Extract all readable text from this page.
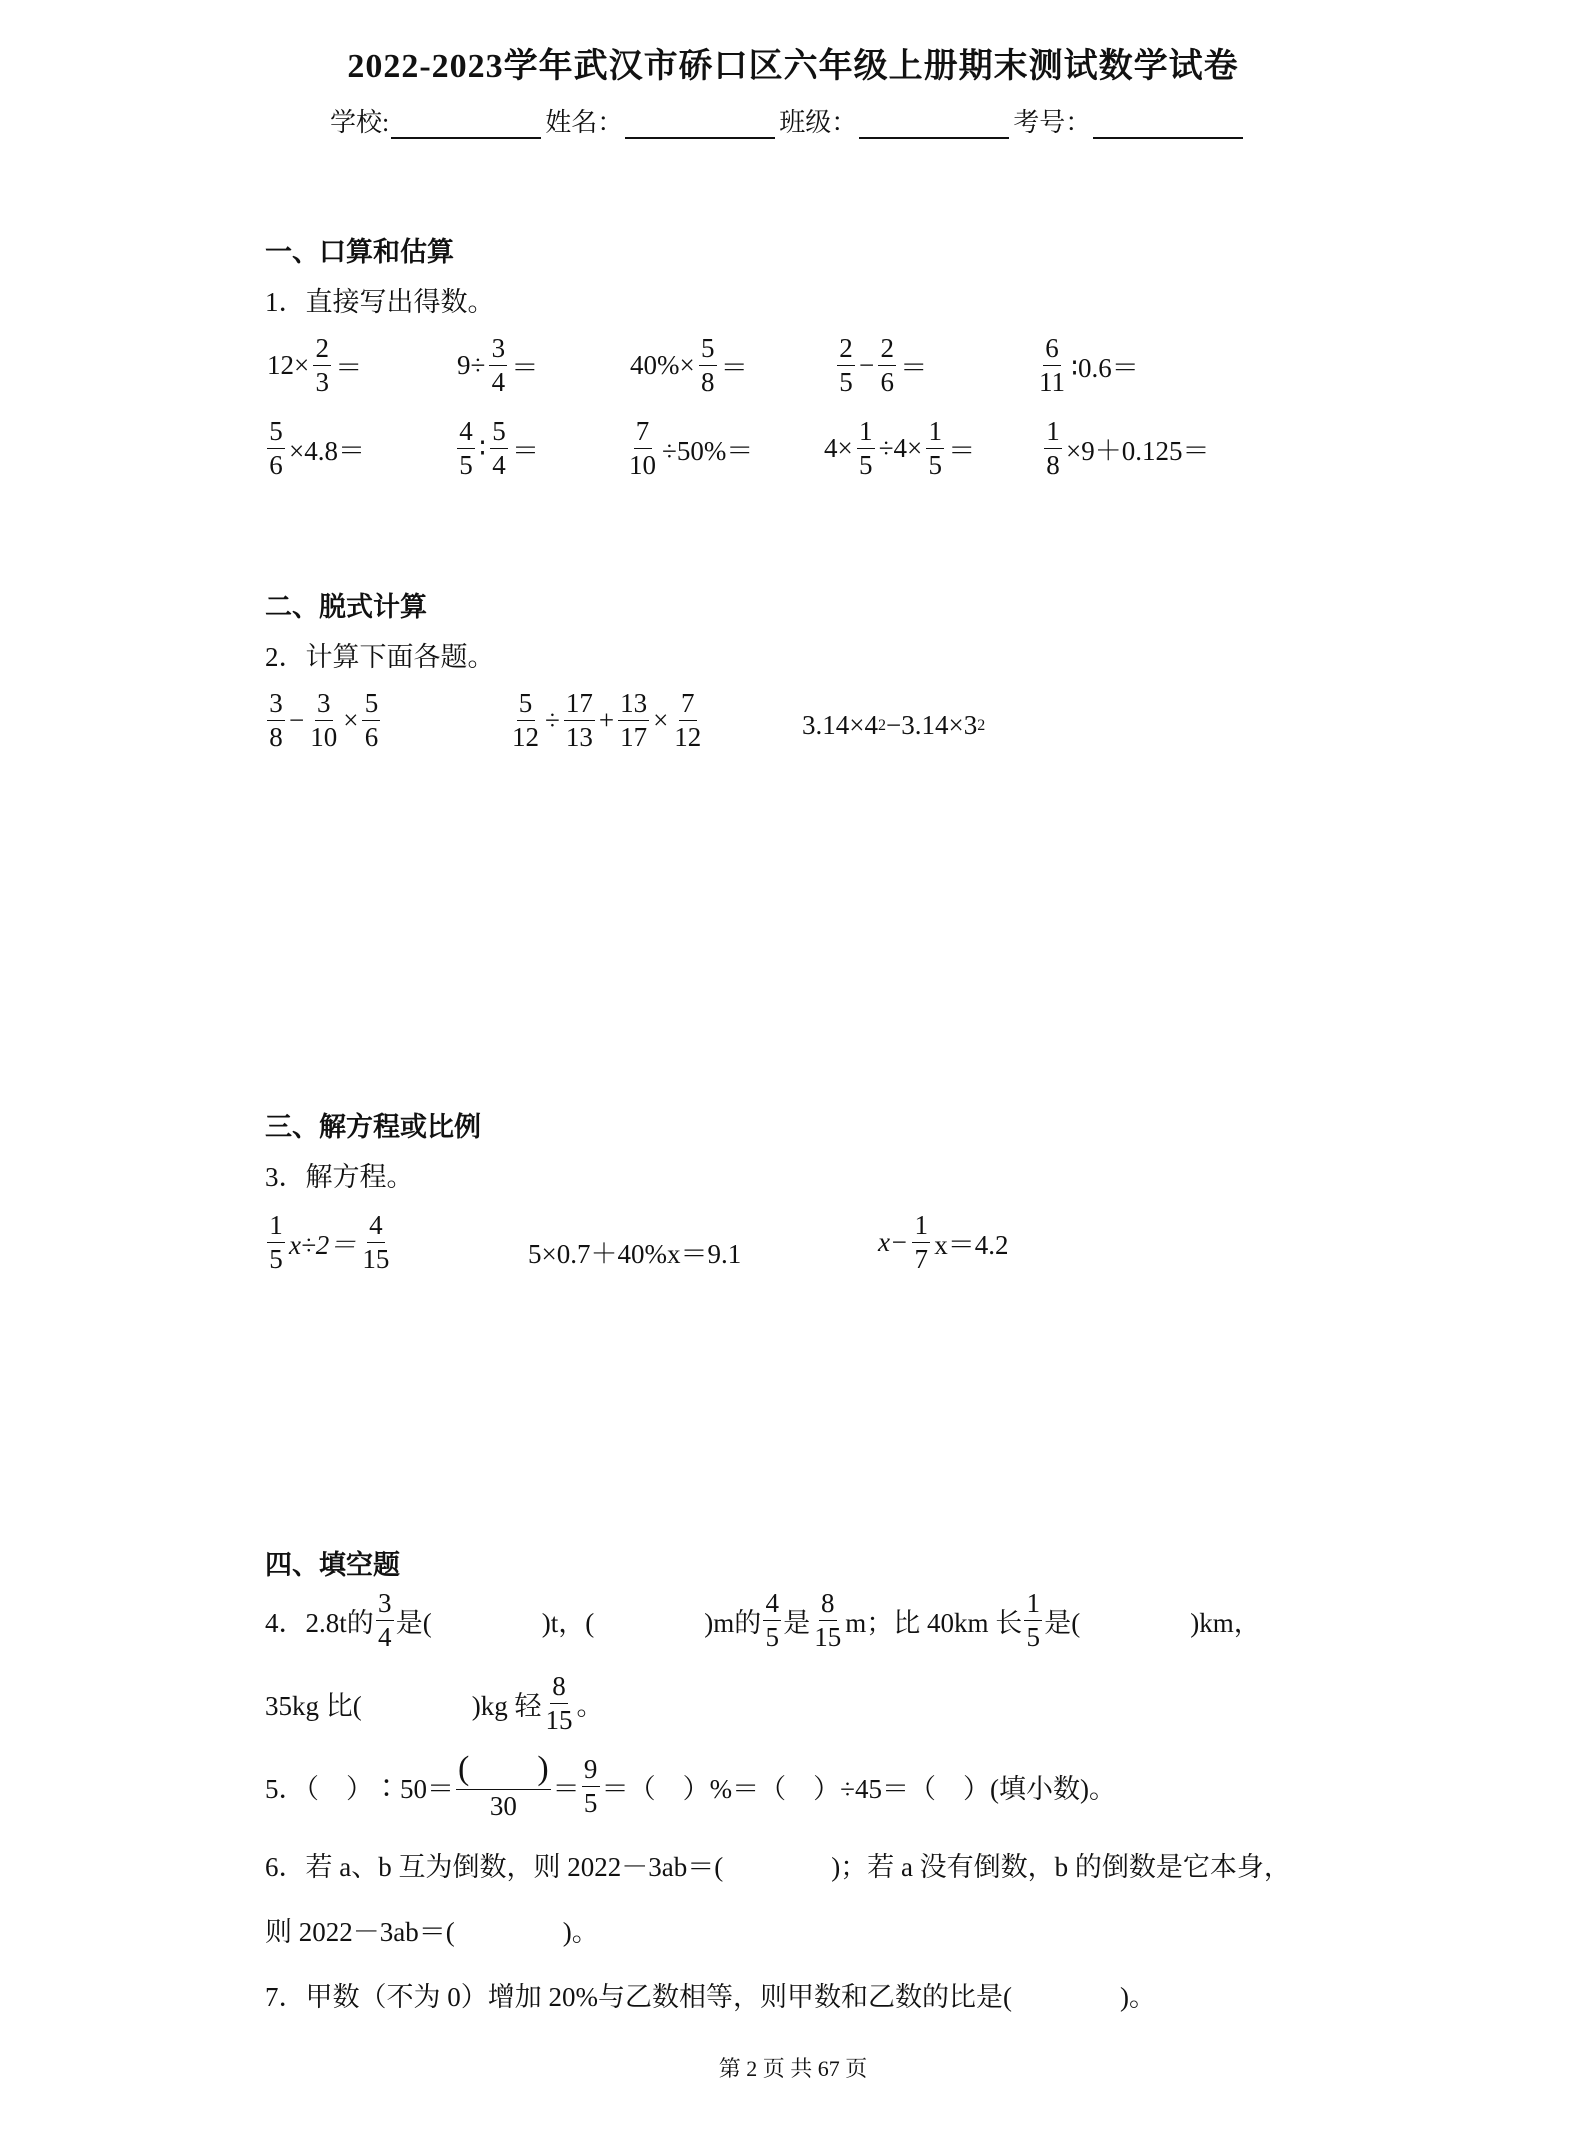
2022-2023学年武汉市硚口区六年级上册期末测试数学试卷
学校:	姓名：	班级：	考号：
一、口算和估算
1．直接写出得数。
$12\times \frac{2}{3}$ ＝	$9\div \frac{3}{4}$ ＝	$40\%\times \frac{5}{8}$ ＝	$\frac{2}{5} - \frac{2}{6}$ ＝	$\frac{6}{11}$ ∶0.6＝
$\frac{5}{6} \times 4.8=$	$\frac{4}{5}$ ∶ $\frac{5}{4}$ ＝	$\frac{7}{10} \div 50\%=$	$4\times \frac{1}{5} \div 4\times \frac{1}{5}$ ＝	$\frac{1}{8} \times 9+0.125=$
二、脱式计算
2．计算下面各题。
$\frac{3}{8} - \frac{3}{10} \times \frac{5}{6}$	$\frac{5}{12} \div \frac{17}{13} + \frac{13}{17} \times \frac{7}{12}$	3.14×4 2 −3.14×3 2
三、解方程或比例
3．解方程。
$\frac{1}{5} x\div 2= \frac{4}{15}$	5×0.7＋40%x＝9.1	$x- \frac{1}{7} x=4.2$
四、填空题
4．2.8t的 $\frac{3}{4}$ 是(	)t，(	)m的 $\frac{4}{5}$ 是 $\frac{8}{15}$ m；比 40km 长 $\frac{1}{5}$ 是(	)km，
35kg 比(	)kg 轻 $\frac{8}{15}$ 。
5．（　）∶50＝ $\frac{( )}{30} = \frac{9}{5}$ ＝（　）%＝（　）÷45＝（　）(填小数)。
6．若 a、b 互为倒数，则 2022－3ab＝(　　　　)；若 a 没有倒数，b 的倒数是它本身，
则 2022－3ab＝(　　　　)。
7．甲数（不为 0）增加 20%与乙数相等，则甲数和乙数的比是(　　　　)。
第 2 页 共 67 页
